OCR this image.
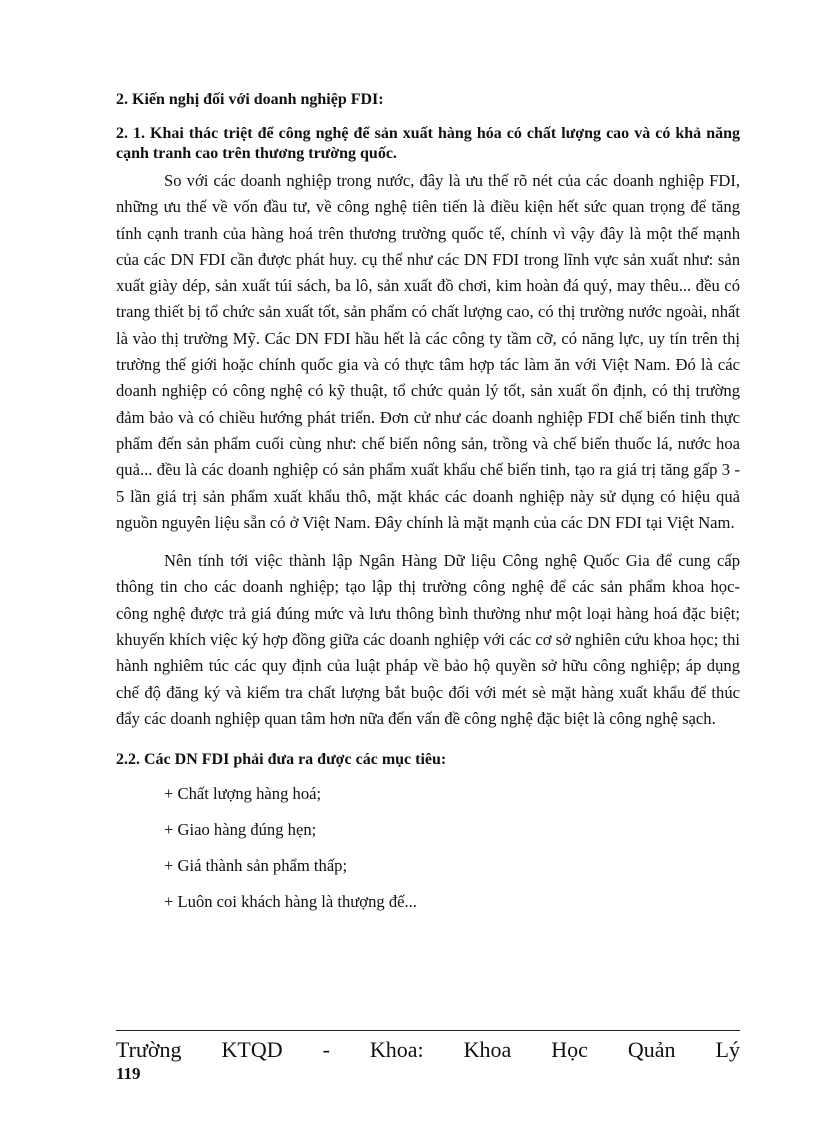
2. Kiến nghị đối với doanh nghiệp FDI:
2. 1. Khai thác triệt để công nghệ để sản xuất hàng hóa có chất lượng cao và có khả năng cạnh tranh cao trên thương trường quốc.

So với các doanh nghiệp trong nước, đây là ưu thế rõ nét của các doanh nghiệp FDI, những ưu thế về vốn đầu tư, về công nghệ tiên tiến là điều kiện hết sức quan trọng để tăng tính cạnh tranh của hàng hoá trên thương trường quốc tế, chính vì vậy đây là một thế mạnh của các DN FDI cần được phát huy. cụ thể như các DN FDI trong lĩnh vực sản xuất như: sản xuất giày dép, sản xuất túi sách, ba lô, sản xuất đồ chơi, kim hoàn đá quý, may thêu... đều có trang thiết bị tổ chức sản xuất tốt, sản phẩm có chất lượng cao, có thị trường nước ngoài, nhất là vào thị trường Mỹ. Các DN FDI hầu hết là các công ty tầm cỡ, có năng lực, uy tín trên thị trường thế giới hoặc chính quốc gia và có thực tâm hợp tác làm ăn với Việt Nam. Đó là các doanh nghiệp có công nghệ có kỹ thuật, tổ chức quản lý tốt, sản xuất ổn định, có thị trường đảm bảo và có chiều hướng phát triển. Đơn cử như các doanh nghiệp FDI chế biến tinh thực phẩm đến sản phẩm cuối cùng như: chế biến nông sản, trồng và chế biến thuốc lá, nước hoa quả... đều là các doanh nghiệp có sản phẩm xuất khẩu chế biến tinh, tạo ra giá trị tăng gấp 3 - 5 lần giá trị sản phẩm xuất khẩu thô, mặt khác các doanh nghiệp này sử dụng có hiệu quả nguồn nguyên liệu sẵn có ở Việt Nam. Đây chính là mặt mạnh của các DN FDI tại Việt Nam.

Nên tính tới việc thành lập Ngân Hàng Dữ liệu Công nghệ Quốc Gia để cung cấp thông tin cho các doanh nghiệp; tạo lập thị trường công nghệ để các sản phẩm khoa học- công nghệ được trả giá đúng mức và lưu thông bình thường như một loại hàng hoá đặc biệt; khuyến khích việc ký hợp đồng giữa các doanh nghiệp với các cơ sở nghiên cứu khoa học; thi hành nghiêm túc các quy định của luật pháp về bảo hộ quyền sở hữu công nghiệp; áp dụng chế độ đăng ký và kiểm tra chất lượng bắt buộc đối với mét sè mặt hàng xuất khẩu để thúc đẩy các doanh nghiệp quan tâm hơn nữa đến vấn đề công nghệ đặc biệt là công nghệ sạch.

2.2. Các DN FDI phải đưa ra được các mục tiêu:
+ Chất lượng hàng hoá;
+ Giao hàng đúng hẹn;
+ Giá thành sản phẩm thấp;
+ Luôn coi khách hàng là thượng đế...
Trường KTQD - Khoa: Khoa Học Quản Lý
119
